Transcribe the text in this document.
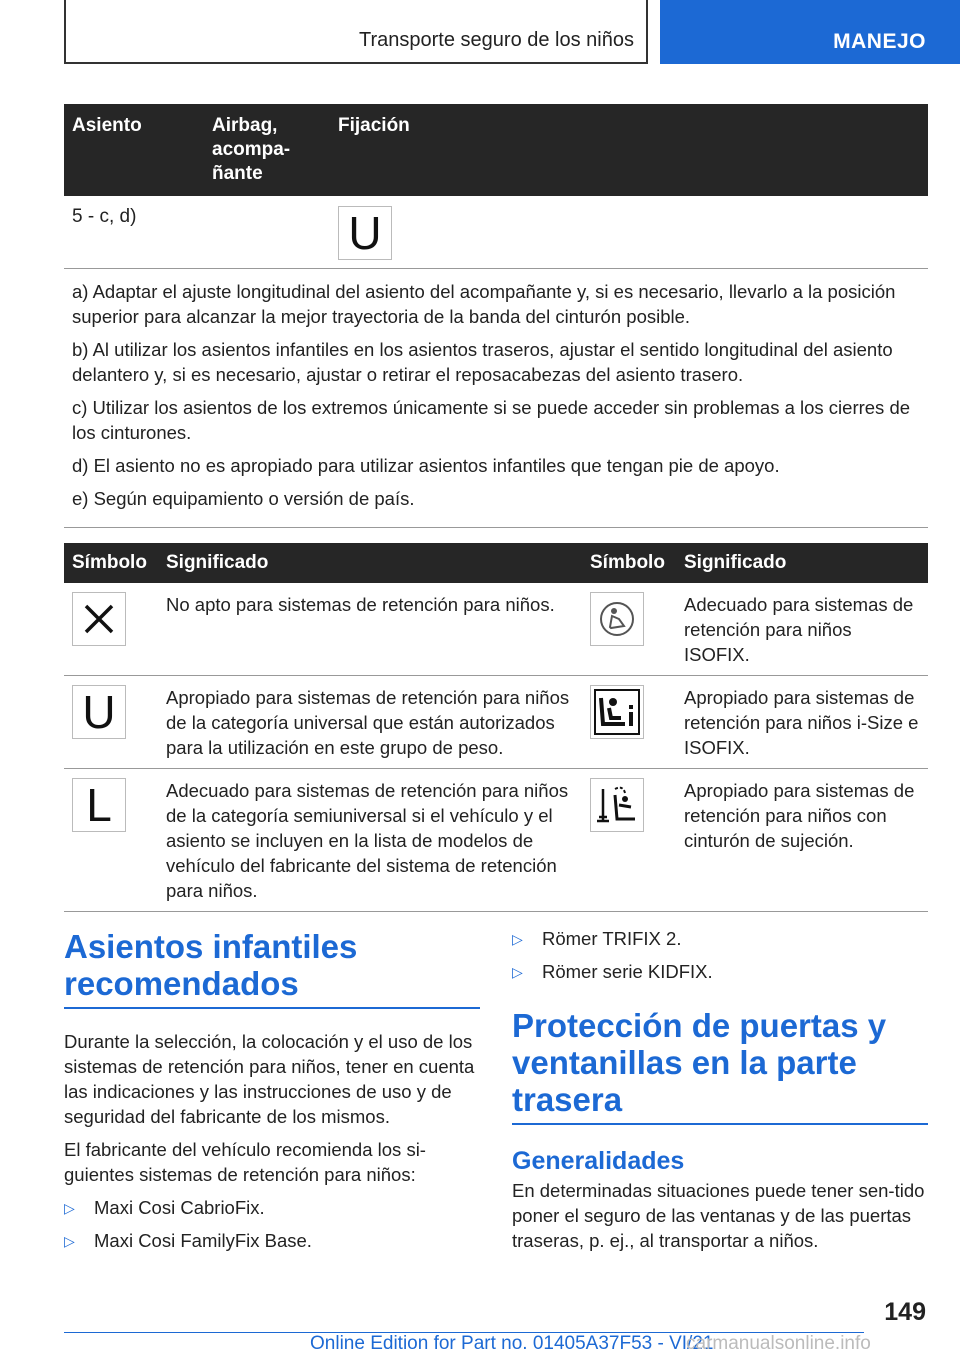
Transporte seguro de los niños	MANEJO
Asiento	Airbag,
acompa-
ñante	Fijación
5 - c, d)		U

a) Adaptar el ajuste longitudinal del asiento del acompañante y, si es necesario, llevarlo a la posición superior para alcanzar la mejor trayectoria de la banda del cinturón posible.

b) Al utilizar los asientos infantiles en los asientos traseros, ajustar el sentido longitudinal del asiento delantero y, si es necesario, ajustar o retirar el reposacabezas del asiento trasero.

c) Utilizar los asientos de los extremos únicamente si se puede acceder sin problemas a los cierres de los cinturones.

d) El asiento no es apropiado para utilizar asientos infantiles que tengan pie de apoyo.

e) Según equipamiento o versión de país.		

Símbolo	Significado	Símbolo	Significado

	No apto para sistemas de retención para niños.		Adecuado para sistemas de retención para niños ISOFIX.

U	Apropiado para sistemas de retención para niños de la categoría universal que están autorizados para la utilización en este grupo de peso.		Apropiado para sistemas de retención para niños i-Size e ISOFIX.

L	Adecuado para sistemas de retención para niños de la categoría semiuniversal si el vehículo y el asiento se incluyen en la lista de modelos de vehículo del fabricante del sistema de retención para niños.		Apropiado para sistemas de retención para niños con cinturón de sujeción.
Asientos infantiles recomendados

Durante la selección, la colocación y el uso de los sistemas de retención para niños, tener en cuenta las indicaciones y las instrucciones de uso y de seguridad del fabricante de los mismos.

El fabricante del vehículo recomienda los si-guientes sistemas de retención para niños:

▷	Maxi Cosi CabrioFix.
▷	Maxi Cosi FamilyFix Base.
▷	Römer TRIFIX 2.
▷	Römer serie KIDFIX.
Protección de puertas y ventanillas en la parte trasera
Generalidades

En determinadas situaciones puede tener sen-tido poner el seguro de las ventanas y de las puertas traseras, p. ej., al transportar a niños.

149
Online Edition for Part no. 01405A37F53 - VI/21
carmanualsonline.info
